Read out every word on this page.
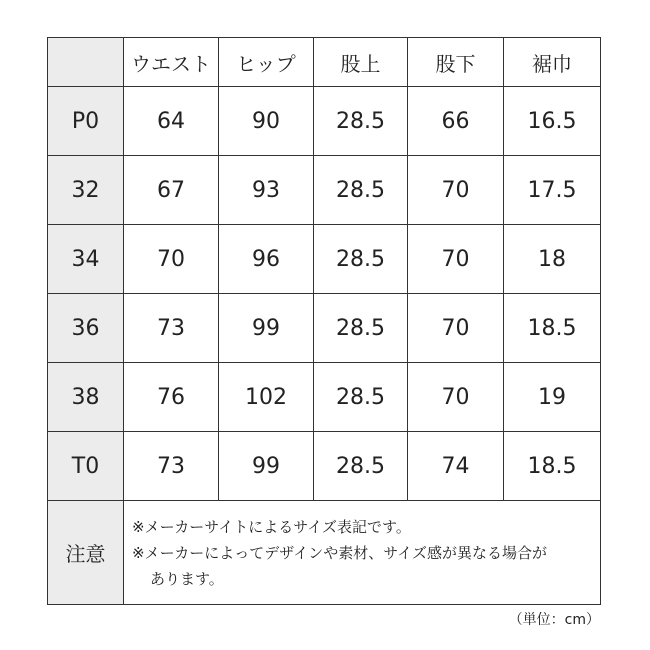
	ウエスト	ヒップ	股上	股下	裾巾
P0	64	90	28.5	66	16.5
32	67	93	28.5	70	17.5
34	70	96	28.5	70	18
36	73	99	28.5	70	18.5
38	76	102	28.5	70	19
T0	73	99	28.5	74	18.5
注意	※メーカーサイトによるサイズ表記です。
※メーカーによってデザインや素材、サイズ感が異なる場合が
あります。				
（単位：cm）
